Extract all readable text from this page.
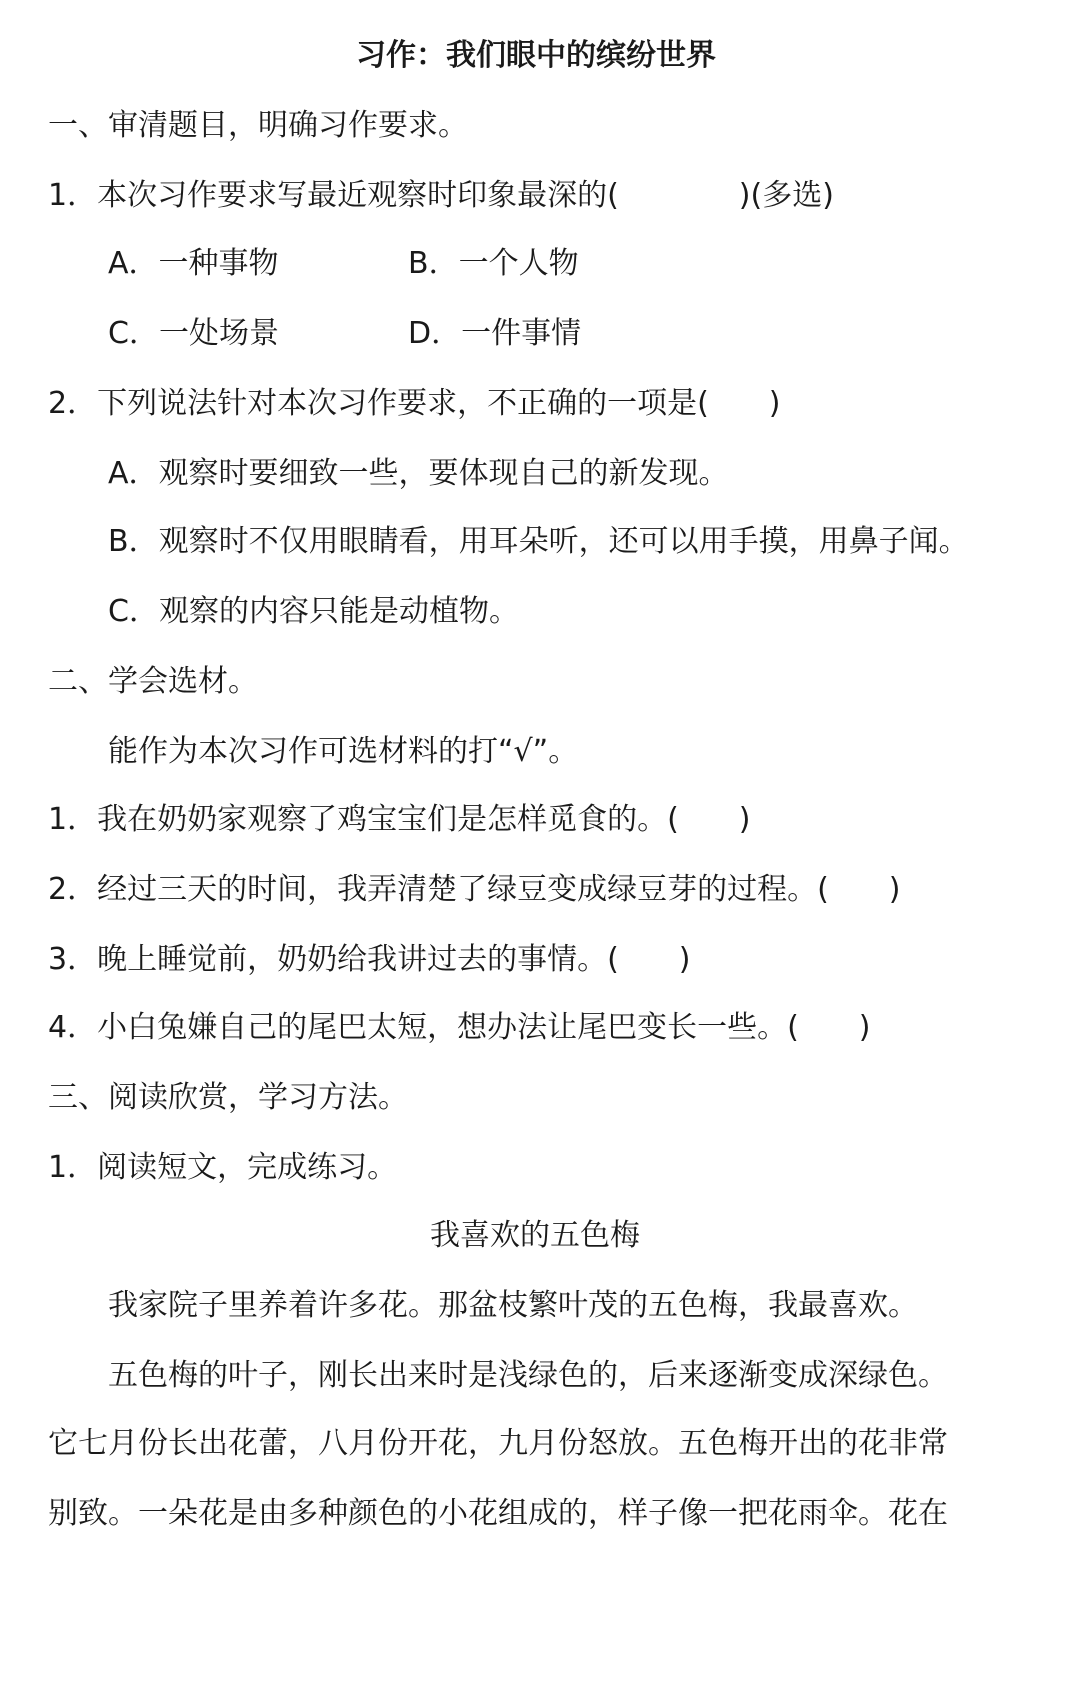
习作：我们眼中的缤纷世界
一、审清题目，明确习作要求。
1．本次习作要求写最近观察时印象最深的(　　　　)(多选)
A．一种事物	B．一个人物
C．一处场景	D．一件事情
2．下列说法针对本次习作要求，不正确的一项是(　　)
A．观察时要细致一些，要体现自己的新发现。
B．观察时不仅用眼睛看，用耳朵听，还可以用手摸，用鼻子闻。
C．观察的内容只能是动植物。
二、学会选材。
能作为本次习作可选材料的打“√”。
1．我在奶奶家观察了鸡宝宝们是怎样觅食的。(　　)
2．经过三天的时间，我弄清楚了绿豆变成绿豆芽的过程。(　　)
3．晚上睡觉前，奶奶给我讲过去的事情。(　　)
4．小白兔嫌自己的尾巴太短，想办法让尾巴变长一些。(　　)
三、阅读欣赏，学习方法。
1．阅读短文，完成练习。
我喜欢的五色梅
我家院子里养着许多花。那盆枝繁叶茂的五色梅，我最喜欢。
五色梅的叶子，刚长出来时是浅绿色的，后来逐渐变成深绿色。
它七月份长出花蕾，八月份开花，九月份怒放。五色梅开出的花非常
别致。一朵花是由多种颜色的小花组成的，样子像一把花雨伞。花在
